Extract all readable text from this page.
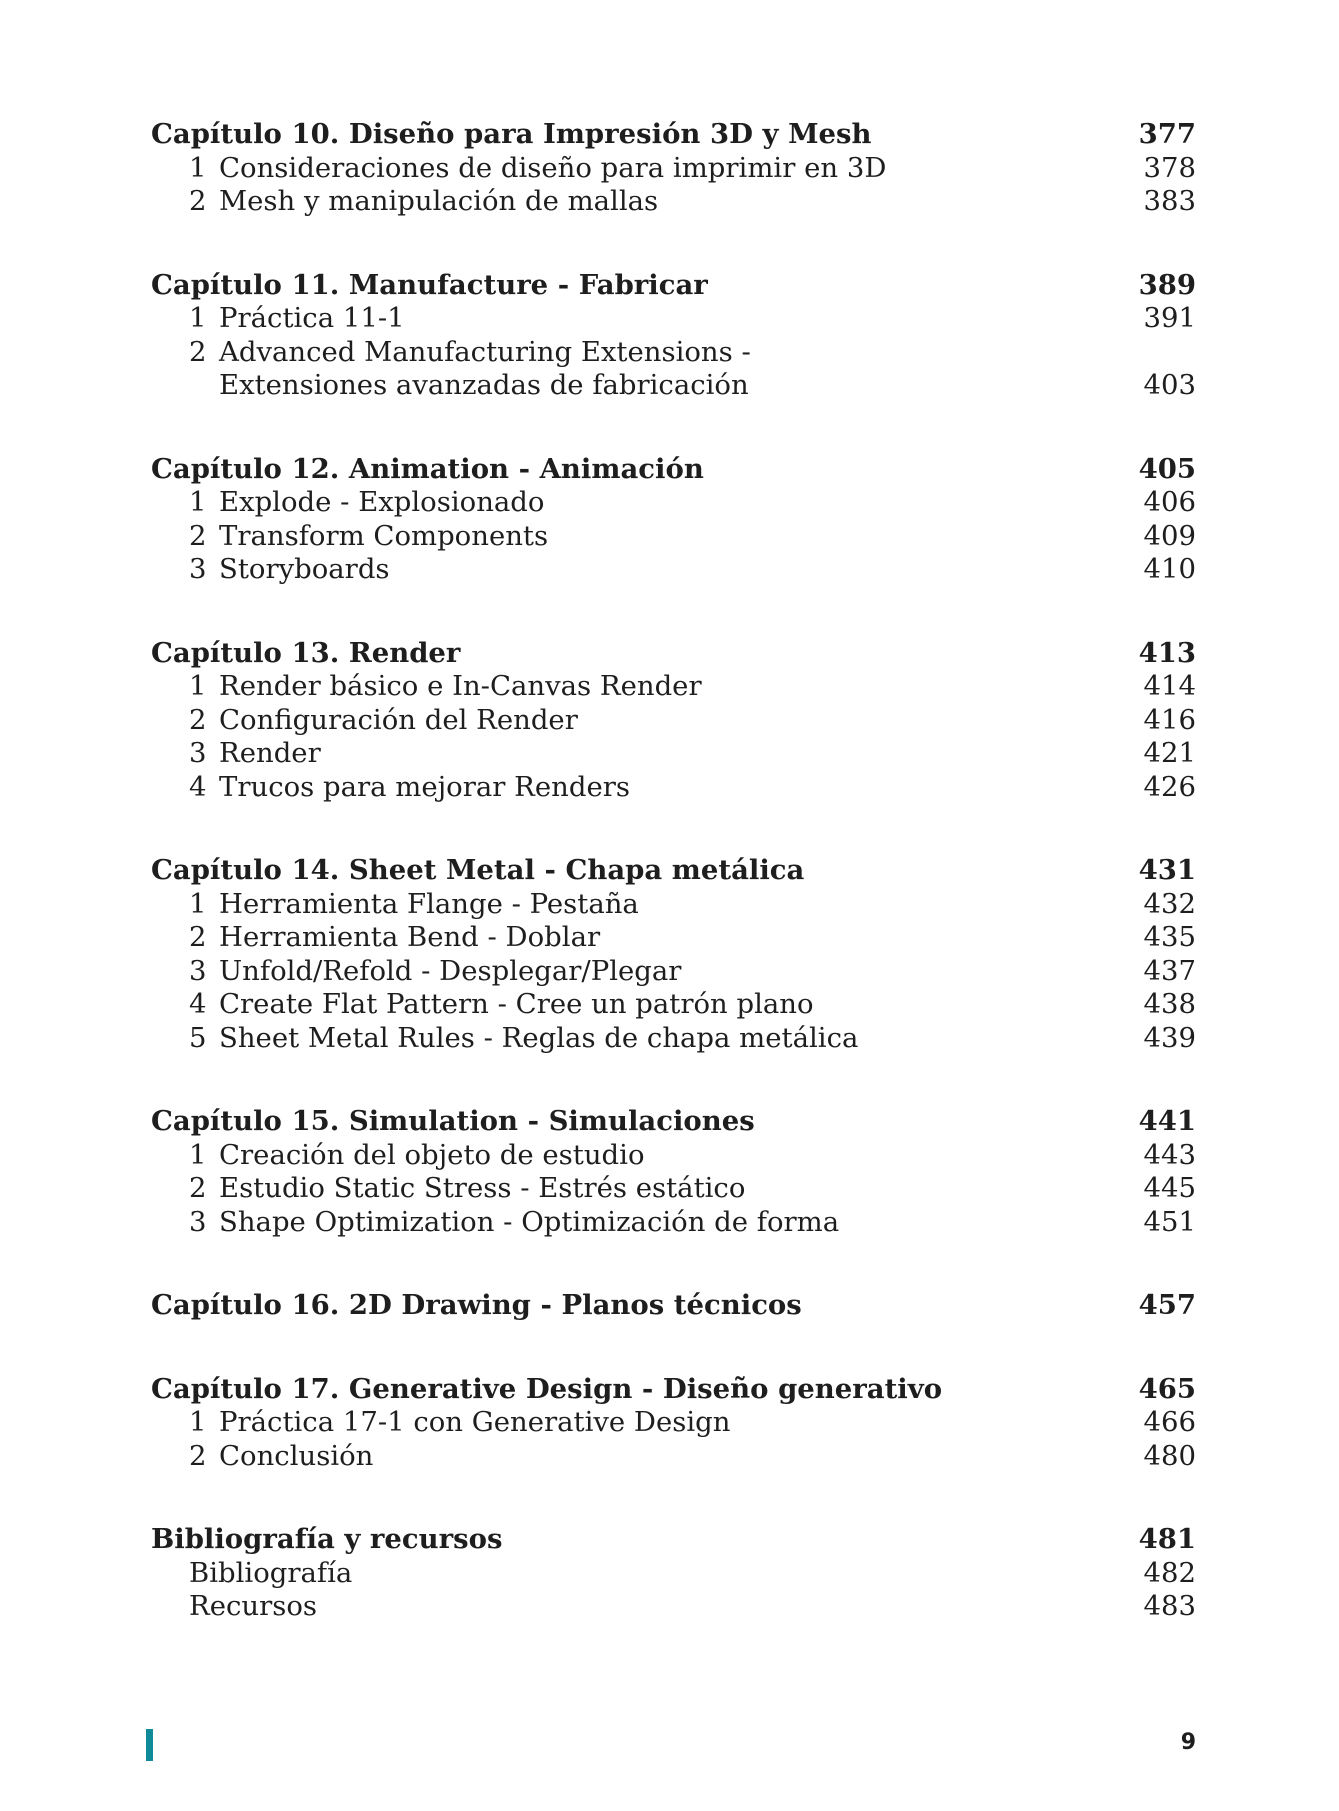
Capítulo 10. Diseño para Impresión 3D y Mesh	377
1 Consideraciones de diseño para imprimir en 3D	378
2 Mesh y manipulación de mallas	383
Capítulo 11. Manufacture - Fabricar	389
1 Práctica 11-1	391
2 Advanced Manufacturing Extensions -
Extensiones avanzadas de fabricación	403
Capítulo 12. Animation - Animación	405
1 Explode - Explosionado	406
2 Transform Components	409
3 Storyboards	410
Capítulo 13. Render	413
1 Render básico e In-Canvas Render	414
2 Configuración del Render	416
3 Render	421
4 Trucos para mejorar Renders	426
Capítulo 14. Sheet Metal - Chapa metálica	431
1 Herramienta Flange - Pestaña	432
2 Herramienta Bend - Doblar	435
3 Unfold/Refold - Desplegar/Plegar	437
4 Create Flat Pattern - Cree un patrón plano	438
5 Sheet Metal Rules - Reglas de chapa metálica	439
Capítulo 15. Simulation - Simulaciones	441
1 Creación del objeto de estudio	443
2 Estudio Static Stress - Estrés estático	445
3 Shape Optimization - Optimización de forma	451
Capítulo 16. 2D Drawing - Planos técnicos	457
Capítulo 17. Generative Design - Diseño generativo	465
1 Práctica 17-1 con Generative Design	466
2 Conclusión	480
Bibliografía y recursos	481
Bibliografía	482
Recursos	483
9
